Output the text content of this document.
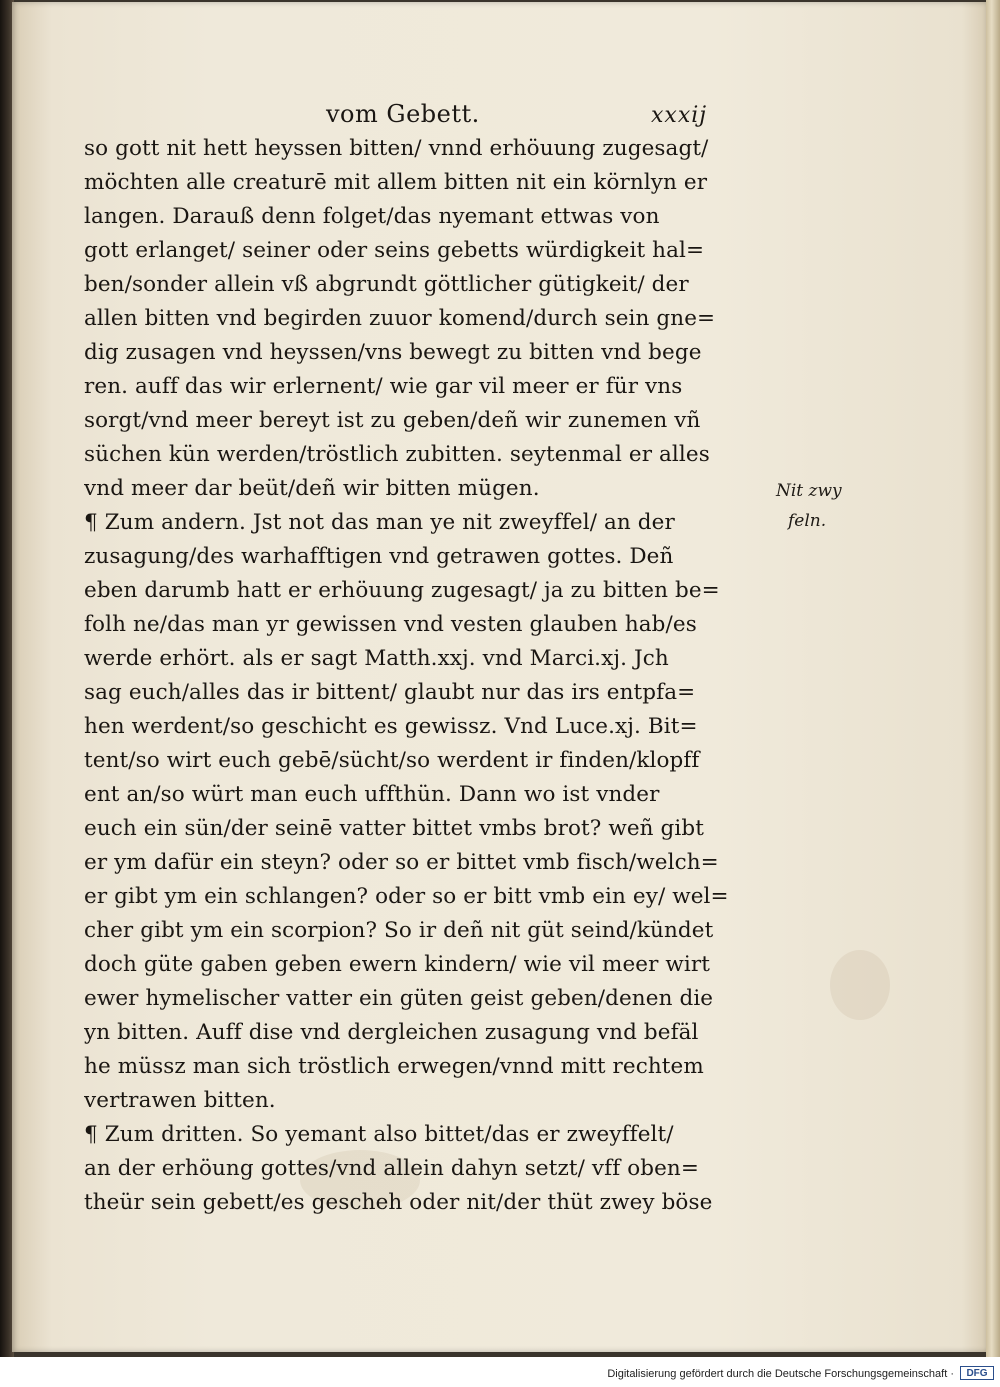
vom Gebett.	xxxij
so gott nit hett heyssen bitten/ vnnd erhöuung zugesagt/
möchten alle creaturē mit allem bitten nit ein körnlyn er
langen. Darauß denn folget/das nyemant ettwas von
gott erlanget/ seiner oder seins gebetts würdigkeit hal=
ben/sonder allein vß abgrundt göttlicher gütigkeit/ der
allen bitten vnd begirden zuuor komend/durch sein gne=
dig zusagen vnd heyssen/vns bewegt zu bitten vnd bege
ren. auff das wir erlernent/ wie gar vil meer er für vns
sorgt/vnd meer bereyt ist zu geben/deñ wir zunemen vñ
süchen kün werden/tröstlich zubitten. seytenmal er alles
vnd meer dar beüt/deñ wir bitten mügen.
¶ Zum andern. Jst not das man ye nit zweyffel/ an der
zusagung/des warhafftigen vnd getrawen gottes. Deñ
eben darumb hatt er erhöuung zugesagt/ ja zu bitten be=
folh ne/das man yr gewissen vnd vesten glauben hab/es
werde erhört. als er sagt Matth.xxj. vnd Marci.xj. Jch
sag euch/alles das ir bittent/ glaubt nur das irs entpfa=
hen werdent/so geschicht es gewissz. Vnd Luce.xj. Bit=
tent/so wirt euch gebē/sücht/so werdent ir finden/klopff
ent an/so würt man euch uffthün. Dann wo ist vnder
euch ein sün/der seinē vatter bittet vmbs brot? weñ gibt
er ym dafür ein steyn? oder so er bittet vmb fisch/welch=
er gibt ym ein schlangen? oder so er bitt vmb ein ey/ wel=
cher gibt ym ein scorpion? So ir deñ nit güt seind/kündet
doch güte gaben geben ewern kindern/ wie vil meer wirt
ewer hymelischer vatter ein güten geist geben/denen die
yn bitten. Auff dise vnd dergleichen zusagung vnd befäl
he müssz man sich tröstlich erwegen/vnnd mitt rechtem
vertrawen bitten.
¶ Zum dritten. So yemant also bittet/das er zweyffelt/
an der erhöung gottes/vnd allein dahyn setzt/ vff oben=
theür sein gebett/es gescheh oder nit/der thüt zwey böse
Nit zwy
feln.
Digitalisierung gefördert durch die Deutsche Forschungsgemeinschaft ·	DFG
